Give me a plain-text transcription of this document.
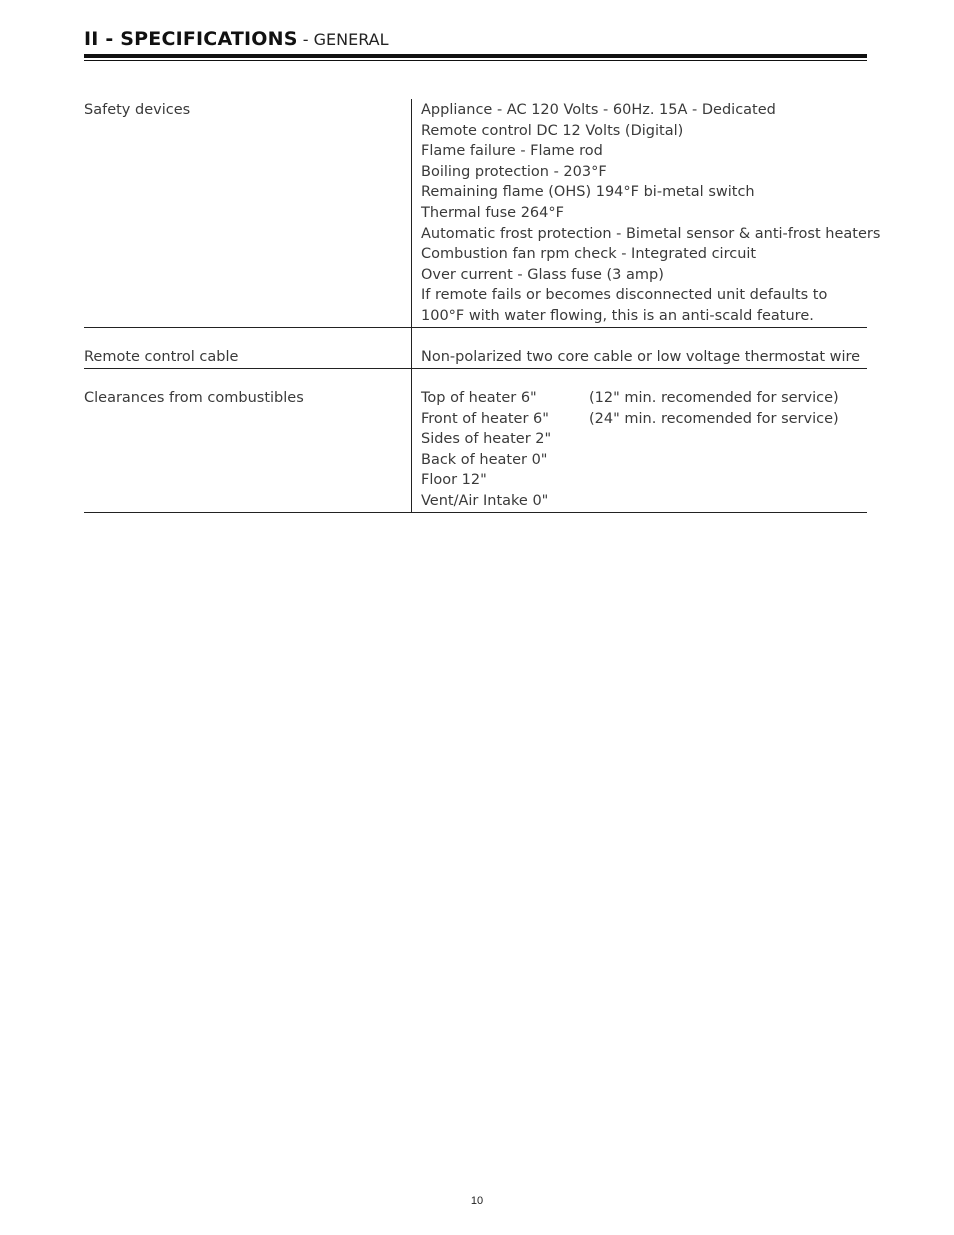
II - SPECIFICATIONS - GENERAL
Safety devices	Appliance - AC 120 Volts - 60Hz. 15A - Dedicated
Remote control DC 12 Volts (Digital)
Flame failure - Flame rod
Boiling protection - 203°F
Remaining flame (OHS) 194°F bi-metal switch
Thermal fuse 264°F
Automatic frost protection - Bimetal sensor & anti-frost heaters
Combustion fan rpm check - Integrated circuit
Over current - Glass fuse (3 amp)
If remote fails or becomes disconnected unit defaults to
100°F with water flowing, this is an anti-scald feature.
Remote control cable	Non-polarized two core cable or low voltage thermostat wire
Clearances from combustibles	Top of heater 6"	(12" min. recomended for service)
Front of heater 6"	(24" min. recomended for service)
Sides of heater 2"
Back of heater 0"
Floor 12"
Vent/Air Intake 0"
10
